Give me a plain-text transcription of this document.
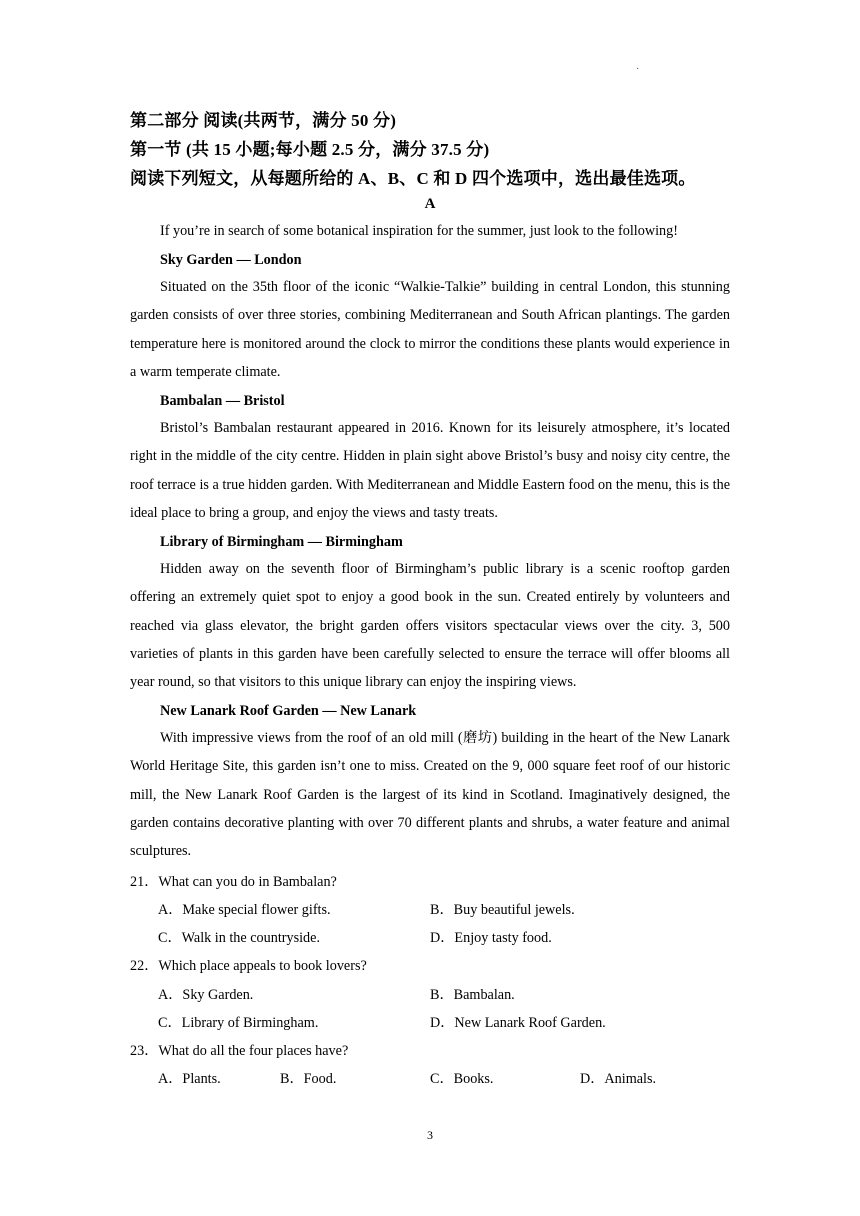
·
第二部分 阅读(共两节，满分 50 分)
第一节 (共 15 小题;每小题 2.5 分，满分 37.5 分)
阅读下列短文，从每题所给的 A、B、C 和 D 四个选项中，选出最佳选项。
A
If you’re in search of some botanical inspiration for the summer, just look to the following!
Sky Garden — London
Situated on the 35th floor of the iconic “Walkie-Talkie” building in central London, this stunning garden consists of over three stories, combining Mediterranean and South African plantings. The garden temperature here is monitored around the clock to mirror the conditions these plants would experience in a warm temperate climate.
Bambalan — Bristol
Bristol’s Bambalan restaurant appeared in 2016. Known for its leisurely atmosphere, it’s located right in the middle of the city centre. Hidden in plain sight above Bristol’s busy and noisy city centre, the roof terrace is a true hidden garden. With Mediterranean and Middle Eastern food on the menu, this is the ideal place to bring a group, and enjoy the views and tasty treats.
Library of Birmingham — Birmingham
Hidden away on the seventh floor of Birmingham’s public library is a scenic rooftop garden offering an extremely quiet spot to enjoy a good book in the sun. Created entirely by volunteers and reached via glass elevator, the bright garden offers visitors spectacular views over the city. 3, 500 varieties of plants in this garden have been carefully selected to ensure the terrace will offer blooms all year round, so that visitors to this unique library can enjoy the inspiring views.
New Lanark Roof Garden — New Lanark
With impressive views from the roof of an old mill (磨坊) building in the heart of the New Lanark World Heritage Site, this garden isn’t one to miss. Created on the 9, 000 square feet roof of our historic mill, the New Lanark Roof Garden is the largest of its kind in Scotland. Imaginatively designed, the garden contains decorative planting with over 70 different plants and shrubs, a water feature and animal sculptures.
21．What can you do in Bambalan?
A．Make special flower gifts.	B．Buy beautiful jewels.
C．Walk in the countryside.	D．Enjoy tasty food.
22．Which place appeals to book lovers?
A．Sky Garden.	B．Bambalan.
C．Library of Birmingham.	D．New Lanark Roof Garden.
23．What do all the four places have?
A．Plants.	B．Food.	C．Books.	D．Animals.
3
